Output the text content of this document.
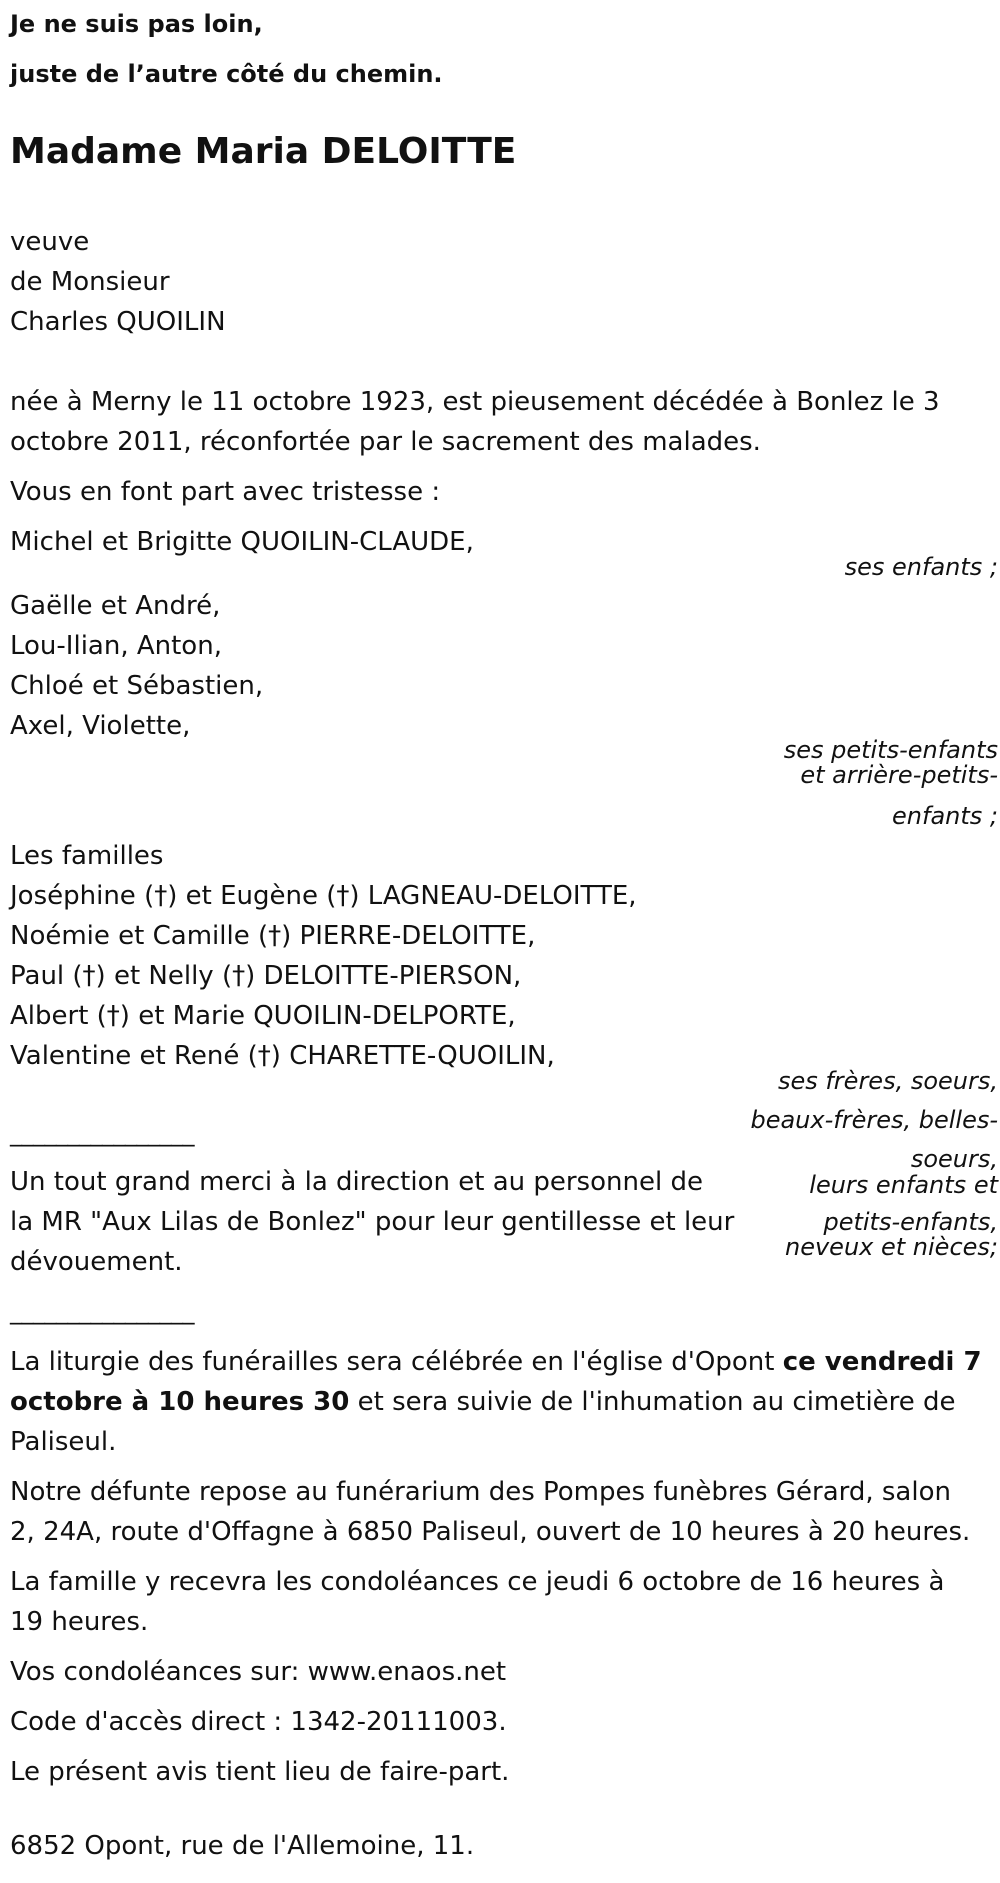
Je ne suis pas loin,

juste de l’autre côté du chemin.

Madame Maria DELOITTE

veuve

de Monsieur

Charles QUOILIN

née à Merny le 11 octobre 1923, est pieusement décédée à Bonlez le 3

octobre 2011, réconfortée par le sacrement des malades.

Vous en font part avec tristesse :

Michel et Brigitte QUOILIN-CLAUDE,

ses enfants ;

Gaëlle et André,

Lou-Ilian, Anton,

Chloé et Sébastien,

Axel, Violette,

ses petits-enfants

et arrière-petits-

enfants ;

Les familles

Joséphine (†) et Eugène (†) LAGNEAU-DELOITTE,

Noémie et Camille (†) PIERRE-DELOITTE,

Paul (†) et Nelly (†) DELOITTE-PIERSON,

Albert (†) et Marie QUOILIN-DELPORTE,

Valentine et René (†) CHARETTE-QUOILIN,

ses frères, soeurs,

beaux-frères, belles-

soeurs,

leurs enfants et

petits-enfants,

neveux et nièces;

________________

Un tout grand merci à la direction et au personnel de

la MR "Aux Lilas de Bonlez" pour leur gentillesse et leur

dévouement.

________________

La liturgie des funérailles sera célébrée en l'église d'Opont ce vendredi 7

octobre à 10 heures 30 et sera suivie de l'inhumation au cimetière de

Paliseul.

Notre défunte repose au funérarium des Pompes funèbres Gérard, salon

2, 24A, route d'Offagne à 6850 Paliseul, ouvert de 10 heures à 20 heures.

La famille y recevra les condoléances ce jeudi 6 octobre de 16 heures à

19 heures.

Vos condoléances sur: www.enaos.net

Code d'accès direct : 1342-20111003.

Le présent avis tient lieu de faire-part.

6852 Opont, rue de l'Allemoine, 11.
